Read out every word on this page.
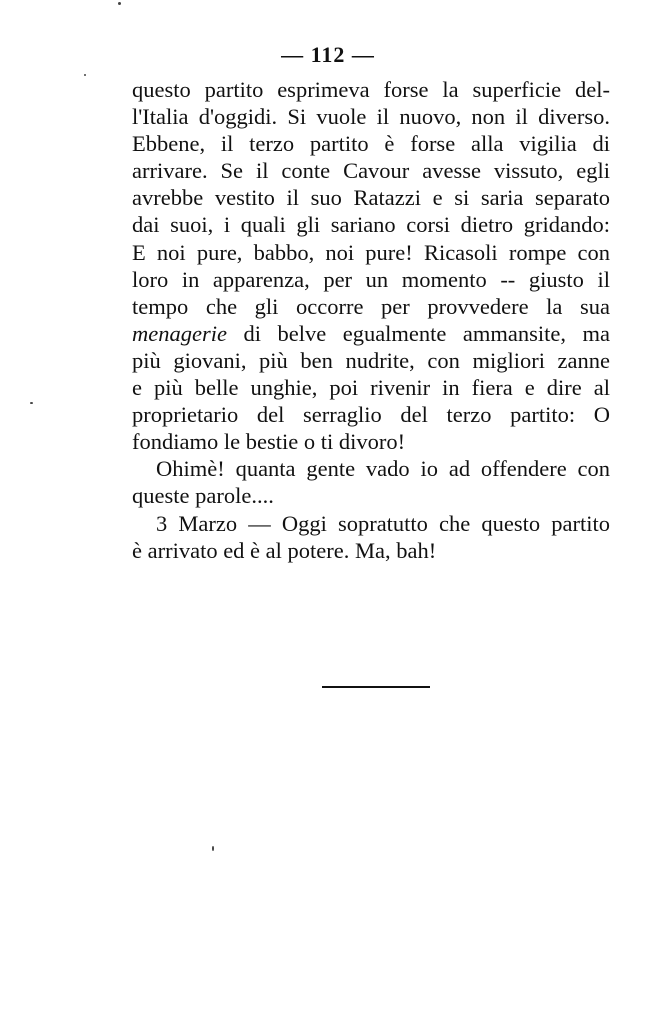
— 112 —
questo partito esprimeva forse la superficie del-
l'Italia d'oggidi. Si vuole il nuovo, non il diverso.
Ebbene, il terzo partito è forse alla vigilia di
arrivare. Se il conte Cavour avesse vissuto, egli
avrebbe vestito il suo Ratazzi e si saria separato
dai suoi, i quali gli sariano corsi dietro gridando:
E noi pure, babbo, noi pure! Ricasoli rompe con
loro in apparenza, per un momento -- giusto il
tempo che gli occorre per provvedere la sua
menagerie di belve egualmente ammansite, ma
più giovani, più ben nudrite, con migliori zanne
e più belle unghie, poi rivenir in fiera e dire al
proprietario del serraglio del terzo partito: O
fondiamo le bestie o ti divoro!
Ohimè! quanta gente vado io ad offendere con
queste parole....
3 Marzo — Oggi sopratutto che questo partito
è arrivato ed è al potere. Ma, bah!
